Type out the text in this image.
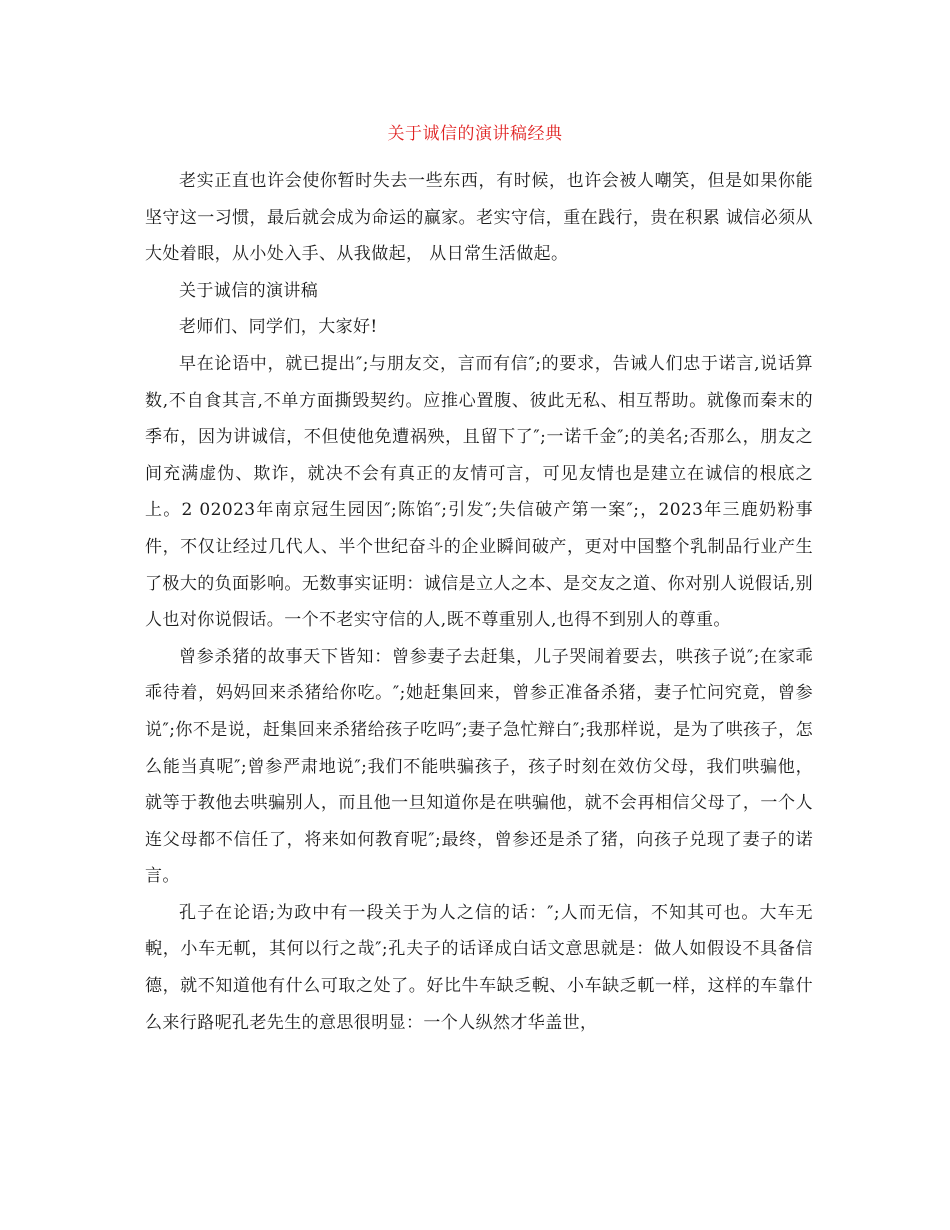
关于诚信的演讲稿经典

老实正直也许会使你暂时失去一些东西，有时候，也许会被人嘲笑，但是如果你能坚守这一习惯，最后就会成为命运的赢家。老实守信，重在践行，贵在积累 诚信必须从大处着眼，从小处入手、从我做起， 从日常生活做起。

关于诚信的演讲稿

老师们、同学们，大家好!

早在论语中，就已提出″;与朋友交，言而有信″;的要求，告诫人们忠于诺言,说话算数,不自食其言,不单方面撕毁契约。应推心置腹、彼此无私、相互帮助。就像而秦末的季布，因为讲诚信，不但使他免遭祸殃，且留下了″;一诺千金″;的美名;否那么，朋友之间充满虚伪、欺诈，就决不会有真正的友情可言，可见友情也是建立在诚信的根底之上。2 02023年南京冠生园因″;陈馅″;引发″;失信破产第一案″;，2023年三鹿奶粉事件，不仅让经过几代人、半个世纪奋斗的企业瞬间破产，更对中国整个乳制品行业产生了极大的负面影响。无数事实证明：诚信是立人之本、是交友之道、你对别人说假话,别人也对你说假话。一个不老实守信的人,既不尊重别人,也得不到别人的尊重。

曾参杀猪的故事天下皆知：曾参妻子去赶集，儿子哭闹着要去，哄孩子说″;在家乖乖待着，妈妈回来杀猪给你吃。″;她赶集回来，曾参正准备杀猪，妻子忙问究竟，曾参说″;你不是说，赶集回来杀猪给孩子吃吗″;妻子急忙辩白″;我那样说，是为了哄孩子，怎么能当真呢″;曾参严肃地说″;我们不能哄骗孩子，孩子时刻在效仿父母，我们哄骗他，就等于教他去哄骗别人，而且他一旦知道你是在哄骗他，就不会再相信父母了，一个人连父母都不信任了，将来如何教育呢″;最终，曾参还是杀了猪，向孩子兑现了妻子的诺言。

孔子在论语;为政中有一段关于为人之信的话：″;人而无信，不知其可也。大车无輗，小车无軏，其何以行之哉″;孔夫子的话译成白话文意思就是：做人如假设不具备信德，就不知道他有什么可取之处了。好比牛车缺乏輗、小车缺乏軏一样，这样的车靠什么来行路呢孔老先生的意思很明显：一个人纵然才华盖世，
